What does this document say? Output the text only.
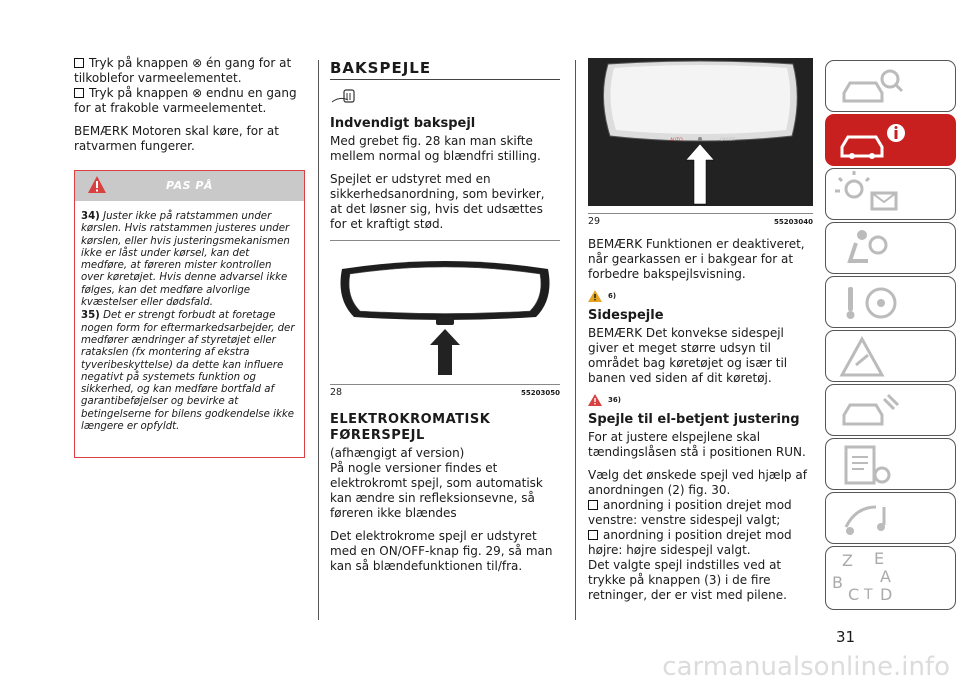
Tryk på knappen ⊗ én gang for at tilkoblefor varmeelementet.

Tryk på knappen ⊗ endnu en gang for at frakoble varmeelementet.

BEMÆRK Motoren skal køre, for at ratvarmen fungerer.

PAS PÅ
34) Juster ikke på ratstammen under kørslen. Hvis ratstammen justeres under kørslen, eller hvis justeringsmekanismen ikke er låst under kørsel, kan det medføre, at føreren mister kontrollen over køretøjet. Hvis denne advarsel ikke følges, kan det medføre alvorlige kvæstelser eller dødsfald.
35) Det er strengt forbudt at foretage nogen form for eftermarkedsarbejder, der medfører ændringer af styretøjet eller ratakslen (fx montering af ekstra tyveribeskyttelse) da dette kan influere negativt på systemets funktion og sikkerhed, og kan medføre bortfald af garantibeføjelser og bevirke at betingelserne for bilens godkendelse ikke længere er opfyldt.
BAKSPEJLE
Indvendigt bakspejl

Med grebet fig. 28 kan man skifte mellem normal og blændfri stilling.

Spejlet er udstyret med en sikkerhedsanordning, som bevirker, at det løsner sig, hvis det udsættes for et kraftigt stød.

28	55203050
ELEKTROKROMATISK FØRERSPEJL

(afhængigt af version)

På nogle versioner findes et elektrokromt spejl, som automatisk kan ændre sin refleksionsevne, så føreren ikke blændes

Det elektrokrome spejl er udstyret med en ON/OFF-knap fig. 29, så man kan så blændefunktionen til/fra.

AUTO	ONSET
29	55203040

BEMÆRK Funktionen er deaktiveret, når gearkassen er i bakgear for at forbedre bakspejlsvisning.

6)
Sidespejle

BEMÆRK Det konvekse sidespejl giver et meget større udsyn til området bag køretøjet og især til banen ved siden af dit køretøj.

36)
Spejle til el-betjent justering

For at justere elspejlene skal tændingslåsen stå i positionen RUN.

Vælg det ønskede spejl ved hjælp af anordningen (2) fig. 30.

anordning i position drejet mod venstre: venstre sidespejl valgt;

anordning i position drejet mod højre: højre sidespejl valgt.

Det valgte spejl indstilles ved at trykke på knappen (3) i de fire retninger, der er vist med pilene.

Z E
B A
C D
T
31
carmanualsonline.info
